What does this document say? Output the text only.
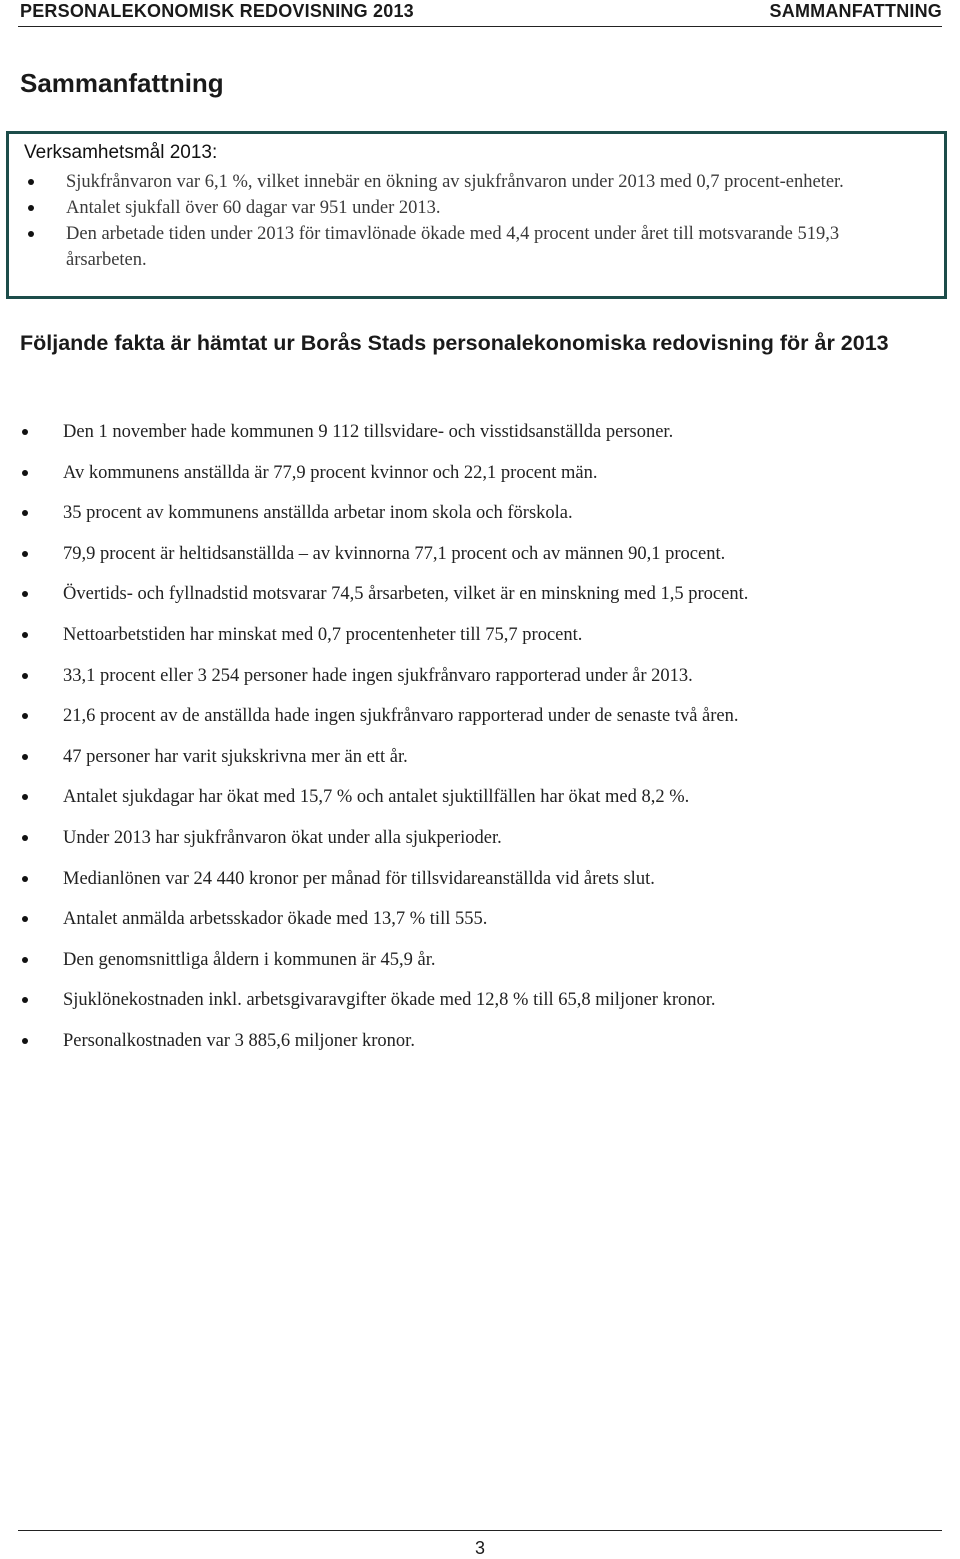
PERSONALEKONOMISK REDOVISNING 2013	SAMMANFATTNING
Sammanfattning
Verksamhetsmål 2013:
Sjukfrånvaron var 6,1 %, vilket innebär en ökning av sjukfrånvaron under 2013 med 0,7 procent-enheter.
Antalet sjukfall över 60 dagar var 951 under 2013.
Den arbetade tiden under 2013 för timavlönade ökade med 4,4 procent under året till motsvarande 519,3 årsarbeten.
Följande fakta är hämtat ur Borås Stads personalekonomiska redovisning för år 2013
Den 1 november hade kommunen 9 112 tillsvidare- och visstidsanställda personer.
Av kommunens anställda är 77,9 procent kvinnor och 22,1 procent män.
35 procent av kommunens anställda arbetar inom skola och förskola.
79,9 procent är heltidsanställda – av kvinnorna 77,1 procent och av männen 90,1 procent.
Övertids- och fyllnadstid motsvarar 74,5 årsarbeten, vilket är en minskning med 1,5 procent.
Nettoarbetstiden har minskat med 0,7 procentenheter till 75,7 procent.
33,1 procent eller 3 254 personer hade ingen sjukfrånvaro rapporterad under år 2013.
21,6 procent av de anställda hade ingen sjukfrånvaro rapporterad under de senaste två åren.
47 personer har varit sjukskrivna mer än ett år.
Antalet sjukdagar har ökat med 15,7 % och antalet sjuktillfällen har ökat med 8,2 %.
Under 2013 har sjukfrånvaron ökat under alla sjukperioder.
Medianlönen var 24 440 kronor per månad för tillsvidareanställda vid årets slut.
Antalet anmälda arbetsskador ökade med 13,7 % till 555.
Den genomsnittliga åldern i kommunen är 45,9 år.
Sjuklönekostnaden inkl. arbetsgivaravgifter ökade med 12,8 % till 65,8 miljoner kronor.
Personalkostnaden var 3 885,6 miljoner kronor.
3
